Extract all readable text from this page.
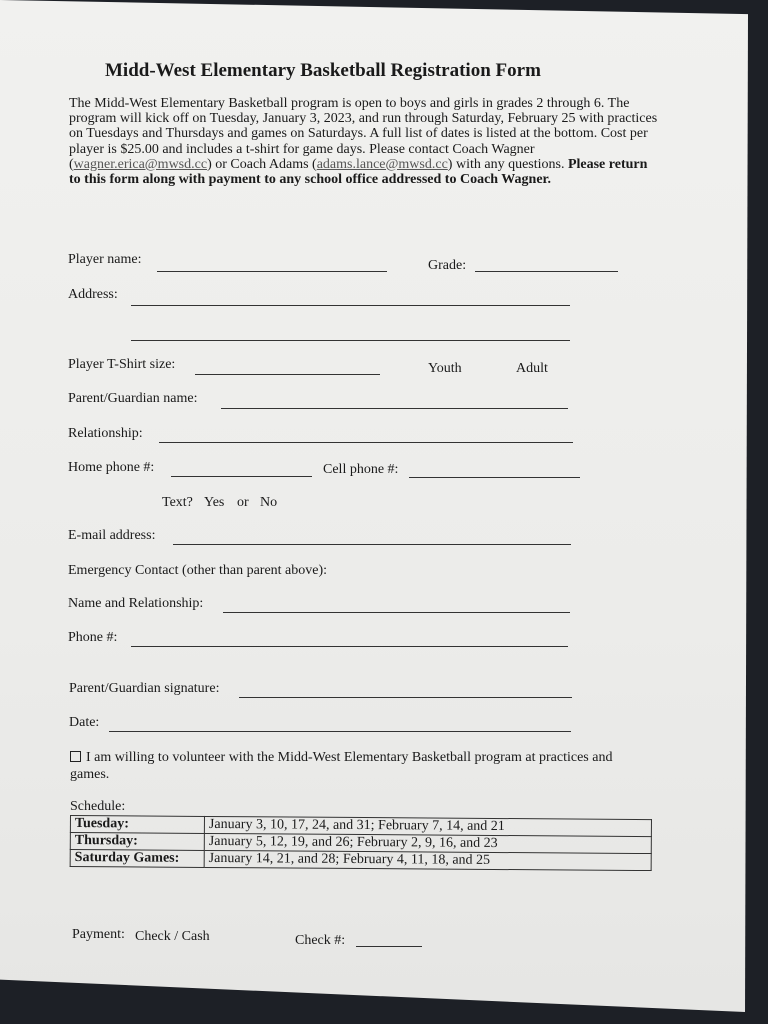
Midd-West Elementary Basketball Registration Form
The Midd-West Elementary Basketball program is open to boys and girls in grades 2 through 6. The program will kick off on Tuesday, January 3, 2023, and run through Saturday, February 25 with practices on Tuesdays and Thursdays and games on Saturdays. A full list of dates is listed at the bottom. Cost per player is $25.00 and includes a t-shirt for game days. Please contact Coach Wagner (wagner.erica@mwsd.cc) or Coach Adams (adams.lance@mwsd.cc) with any questions. Please return to this form along with payment to any school office addressed to Coach Wagner.
Player name:	Grade:
Address:
Player T-Shirt size:	Youth	Adult
Parent/Guardian name:
Relationship:
Home phone #:	Cell phone #:
Text? Yes or No
E-mail address:
Emergency Contact (other than parent above):
Name and Relationship:
Phone #:
Parent/Guardian signature:
Date:
I am willing to volunteer with the Midd-West Elementary Basketball program at practices and games.
Schedule:
Tuesday:	January 3, 10, 17, 24, and 31; February 7, 14, and 21
Thursday:	January 5, 12, 19, and 26; February 2, 9, 16, and 23
Saturday Games:	January 14, 21, and 28; February 4, 11, 18, and 25
Payment: Check / Cash	Check #:
